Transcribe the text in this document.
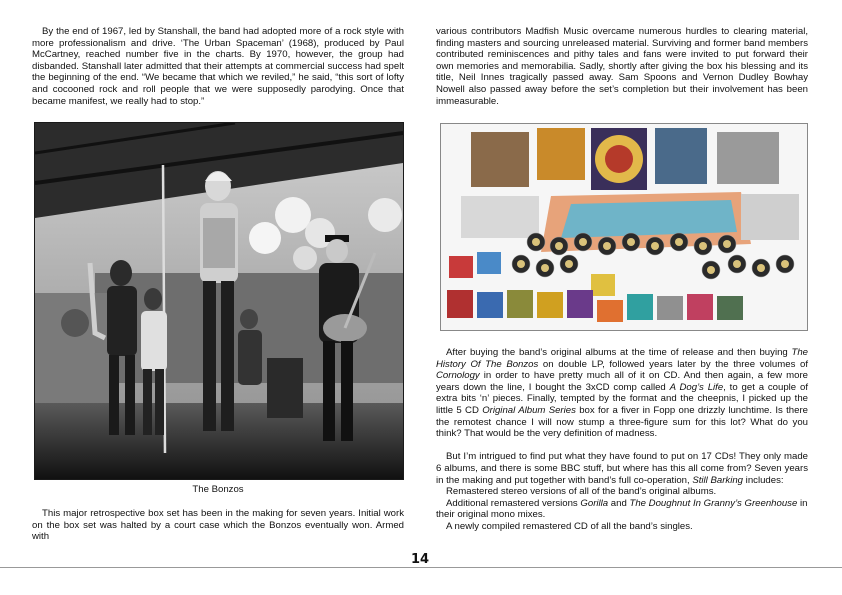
By the end of 1967, led by Stanshall, the band had adopted more of a rock style with more professionalism and drive. ‘The Urban Spaceman’ (1968), produced by Paul McCartney, reached number five in the charts. By 1970, however, the group had disbanded. Stanshall later admitted that their attempts at commercial success had spelt the beginning of the end. “We became that which we reviled,” he said, “this sort of lofty and cocooned rock and roll people that we were supposedly parodying. Once that became manifest, we really had to stop.”

The Bonzos

This major retrospective box set has been in the making for seven years. Initial work on the box set was halted by a court case which the Bonzos eventually won. Armed with

various contributors Madfish Music overcame numerous hurdles to clearing material, finding masters and sourcing unreleased material. Surviving and former band members contributed reminiscences and pithy tales and fans were invited to put forward their own memories and memorabilia. Sadly, shortly after giving the box his blessing and its title, Neil Innes tragically passed away. Sam Spoons and Vernon Dudley Bowhay Nowell also passed away before the set’s completion but their involvement has been immeasurable.

After buying the band’s original albums at the time of release and then buying The History Of The Bonzos on double LP, followed years later by the three volumes of Cornology in order to have pretty much all of it on CD. And then again, a few more years down the line, I bought the 3xCD comp called A Dog’s Life, to get a couple of extra bits ‘n’ pieces. Finally, tempted by the format and the cheepnis, I picked up the little 5 CD Original Album Series box for a fiver in Fopp one drizzly lunchtime. Is there the remotest chance I will now stump a three-figure sum for this lot? What do you think? That would be the very definition of madness.

But I’m intrigued to find put what they have found to put on 17 CDs! They only made 6 albums, and there is some BBC stuff, but where has this all come from? Seven years in the making and put together with band’s full co-operation, Still Barking includes:
Remastered stereo versions of all of the band’s original albums.
Additional remastered versions Gorilla and The Doughnut In Granny’s Greenhouse in their original mono mixes.
A newly compiled remastered CD of all the band’s singles.

14
